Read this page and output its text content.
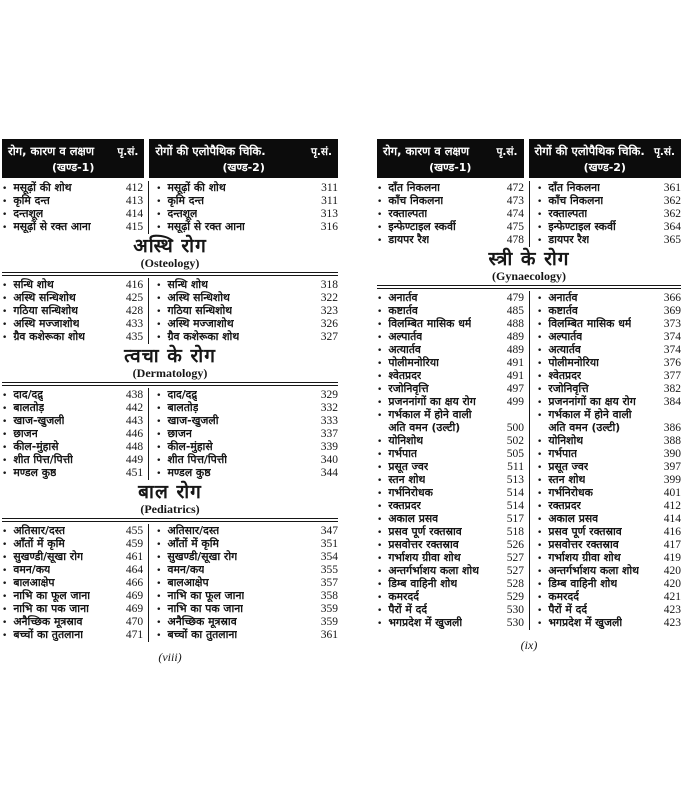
रोग, कारण व लक्षण पृ.सं.
(खण्ड-1)
रोगों की एलोपैथिक चिकि.	पृ.सं.
(खण्ड-2)
• मसूढ़ों की शोथ	412 • मसूढ़ों की शोथ	311
• कृमि दन्त	413 • कृमि दन्त	311
• दन्तशूल	414 • दन्तशूल	313
• मसूढ़ों से रक्त आना	415 • मसूढ़ों से रक्त आना	316
अस्थि रोग
(Osteology)
• सन्धि शोथ	416 • सन्धि शोथ	318
• अस्थि सन्धिशोथ	425 • अस्थि सन्धिशोथ	322
• गठिया सन्धिशोथ	428 • गठिया सन्धिशोथ	323
• अस्थि मज्जाशोथ	433 • अस्थि मज्जाशोथ	326
• ग्रैव कशेरूका शोथ	435 • ग्रैव कशेरूका शोथ	327
त्वचा के रोग
(Dermatology)
• दाद/दद्रु	438 • दाद/दद्रु	329
• बालतोड़	442 • बालतोड़	332
• खाज-खुजली	443 • खाज-खुजली	333
• छाजन	446 • छाजन	337
• कील-मुंहासे	448 • कील-मुंहासे	339
• शीत पित्त/पित्ती	449 • शीत पित्त/पित्ती	340
• मण्डल कुष्ठ	451 • मण्डल कुष्ठ	344
बाल रोग
(Pediatrics)
• अतिसार/दस्त	455 • अतिसार/दस्त	347
• आँतों में कृमि	459 • आँतों में कृमि	351
• सुखण्डी/सूखा रोग	461 • सुखण्डी/सूखा रोग	354
• वमन/कय	464 • वमन/कय	355
• बालआक्षेप	466 • बालआक्षेप	357
• नाभि का फूल जाना	469 • नाभि का फूल जाना	358
• नाभि का पक जाना	469 • नाभि का पक जाना	359
• अनैच्छिक मूत्रस्राव	470 • अनैच्छिक मूत्रस्राव	359
• बच्चों का तुतलाना	471 • बच्चों का तुतलाना	361
(viii)
रोग, कारण व लक्षण	पृ.सं.
(खण्ड-1)
रोगों की एलोपैथिक चिकि. पृ.सं.
(खण्ड-2)
• दाँत निकलना	472 • दाँत निकलना	361
• काँच निकलना	473 • काँच निकलना	362
• रक्ताल्पता	474 • रक्ताल्पता	362
• इन्फेण्टाइल स्कर्वी	475 • इन्फेण्टाइल स्कर्वी	364
• डायपर रैश	478 • डायपर रैश	365
स्त्री के रोग
(Gynaecology)
• अनार्तव	479 • अनार्तव	366
• कष्टार्तव	485 • कष्टार्तव	369
• विलम्बित मासिक धर्म	488 • विलम्बित मासिक धर्म	373
• अल्पार्तव	489 • अल्पार्तव	374
• अत्यार्तव	489 • अत्यार्तव	374
• पोलीमनोरिया	491 • पोलीमनोरिया	376
• श्वेतप्रदर	491 • श्वेतप्रदर	377
• रजोनिवृत्ति	497 • रजोनिवृत्ति	382
• प्रजननांगों का क्षय रोग	499 • प्रजननांगों का क्षय रोग	384
• गर्भकाल में होने वाली	• गर्भकाल में होने वाली
अति वमन (उल्टी)	500 अति वमन (उल्टी)	386
• योनिशोथ	502 • योनिशोथ	388
• गर्भपात	505 • गर्भपात	390
• प्रसूत ज्वर	511 • प्रसूत ज्वर	397
• स्तन शोथ	513 • स्तन शोथ	399
• गर्भनिरोधक	514 • गर्भनिरोधक	401
• रक्तप्रदर	514 • रक्तप्रदर	412
• अकाल प्रसव	517 • अकाल प्रसव	414
• प्रसव पूर्ण रक्तस्राव	518 • प्रसव पूर्ण रक्तस्राव	416
• प्रसवोत्तर रक्तस्राव	526 • प्रसवोत्तर रक्तस्राव	417
• गर्भाशय ग्रीवा शोथ	527 • गर्भाशय ग्रीवा शोथ	419
• अन्तर्गर्भाशय कला शोथ	527 • अन्तर्गर्भाशय कला शोथ	420
• डिम्ब वाहिनी शोथ	528 • डिम्ब वाहिनी शोथ	420
• कमरदर्द	529 • कमरदर्द	421
• पैरों में दर्द	530 • पैरों में दर्द	423
• भगप्रदेश में खुजली	530 • भगप्रदेश में खुजली	423
(ix)
